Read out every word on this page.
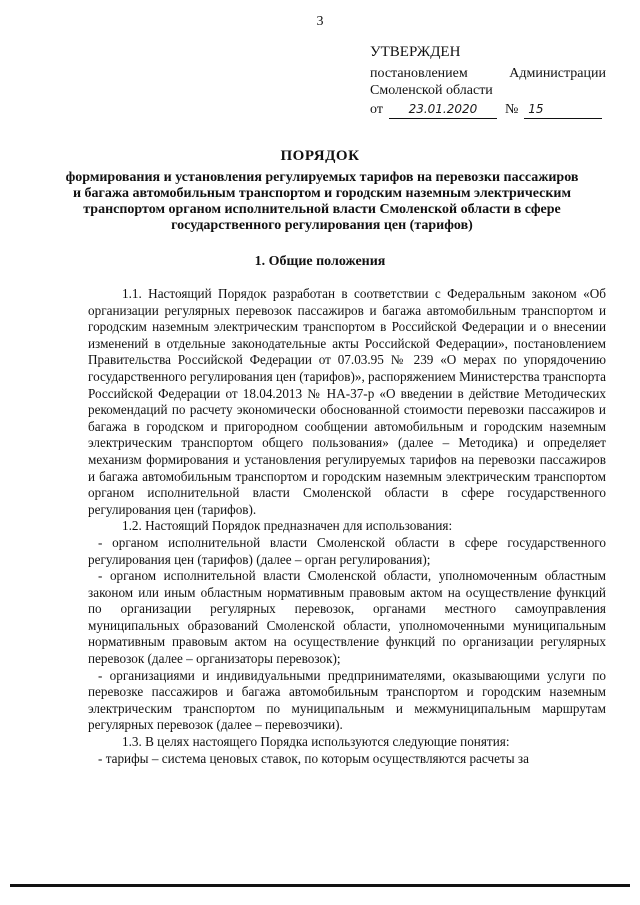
3
УТВЕРЖДЕН
постановлением	Администрации
Смоленской области
от	23.01.2020	№ 15
ПОРЯДОК
формирования и установления регулируемых тарифов на перевозки пассажиров и багажа автомобильным транспортом и городским наземным электрическим транспортом органом исполнительной власти Смоленской области в сфере государственного регулирования цен (тарифов)
1. Общие положения

1.1. Настоящий Порядок разработан в соответствии с Федеральным законом «Об организации регулярных перевозок пассажиров и багажа автомобильным транспортом и городским наземным электрическим транспортом в Российской Федерации и о внесении изменений в отдельные законодательные акты Российской Федерации», постановлением Правительства Российской Федерации от 07.03.95 № 239 «О мерах по упорядочению государственного регулирования цен (тарифов)», распоряжением Министерства транспорта Российской Федерации от 18.04.2013 № НА-37-р «О введении в действие Методических рекомендаций по расчету экономически обоснованной стоимости перевозки пассажиров и багажа в городском и пригородном сообщении автомобильным и городским наземным электрическим транспортом общего пользования» (далее – Методика) и определяет механизм формирования и установления регулируемых тарифов на перевозки пассажиров и багажа автомобильным транспортом и городским наземным электрическим транспортом органом исполнительной власти Смоленской области в сфере государственного регулирования цен (тарифов).

1.2. Настоящий Порядок предназначен для использования:

- органом исполнительной власти Смоленской области в сфере государственного регулирования цен (тарифов) (далее – орган регулирования);

- органом исполнительной власти Смоленской области, уполномоченным областным законом или иным областным нормативным правовым актом на осуществление функций по организации регулярных перевозок, органами местного самоуправления муниципальных образований Смоленской области, уполномоченными муниципальным нормативным правовым актом на осуществление функций по организации регулярных перевозок (далее – организаторы перевозок);

- организациями и индивидуальными предпринимателями, оказывающими услуги по перевозке пассажиров и багажа автомобильным транспортом и городским наземным электрическим транспортом по муниципальным и межмуниципальным маршрутам регулярных перевозок (далее – перевозчики).

1.3. В целях настоящего Порядка используются следующие понятия:

- тарифы – система ценовых ставок, по которым осуществляются расчеты за
